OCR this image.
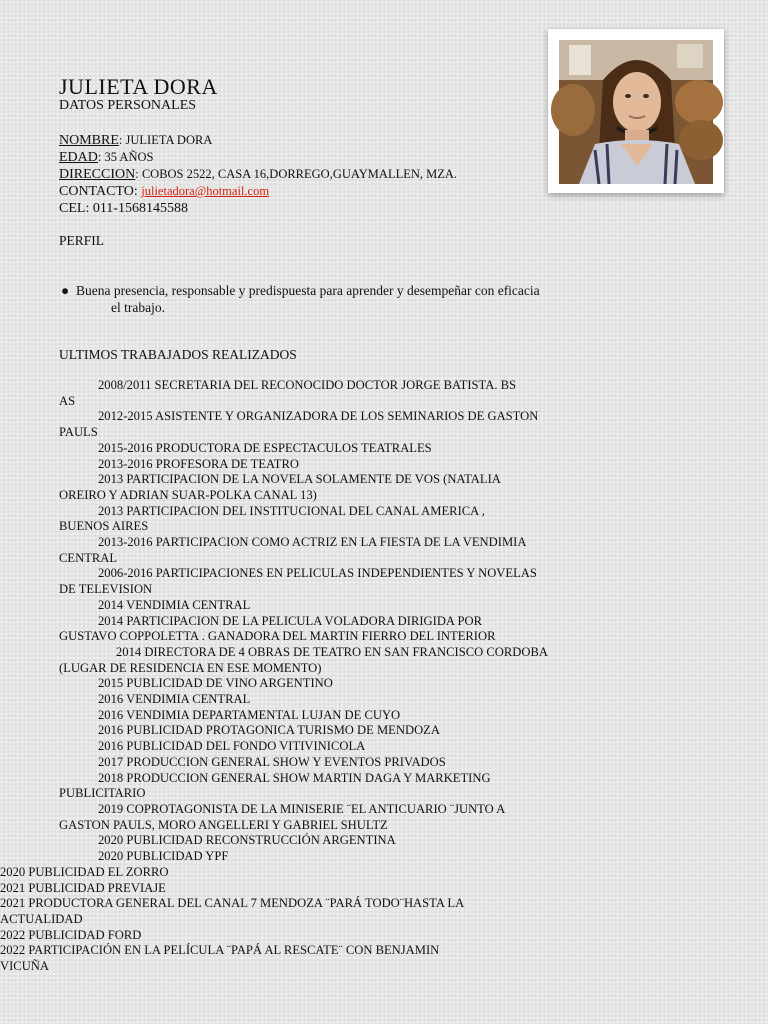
JULIETA DORA
DATOS PERSONALES
NOMBRE: JULIETA DORA
EDAD: 35 AÑOS
DIRECCION: COBOS 2522, CASA 16,DORREGO,GUAYMALLEN, MZA.
CONTACTO: julietadora@hotmail.com
CEL: 011-1568145588
PERFIL
● Buena presencia, responsable y predispuesta para aprender y desempeñar con eficacia
el trabajo.
ULTIMOS TRABAJADOS REALIZADOS
2008/2011 SECRETARIA DEL RECONOCIDO DOCTOR JORGE BATISTA. BS
AS
2012-2015 ASISTENTE Y ORGANIZADORA DE LOS SEMINARIOS DE GASTON
PAULS
2015-2016 PRODUCTORA DE ESPECTACULOS TEATRALES
2013-2016 PROFESORA DE TEATRO
2013 PARTICIPACION DE LA NOVELA SOLAMENTE DE VOS (NATALIA
OREIRO Y ADRIAN SUAR-POLKA CANAL 13)
2013 PARTICIPACION DEL INSTITUCIONAL DEL CANAL AMERICA ,
BUENOS AIRES
2013-2016 PARTICIPACION COMO ACTRIZ EN LA FIESTA DE LA VENDIMIA
CENTRAL
2006-2016 PARTICIPACIONES EN PELICULAS INDEPENDIENTES Y NOVELAS
DE TELEVISION
2014 VENDIMIA CENTRAL
2014 PARTICIPACION DE LA PELICULA VOLADORA DIRIGIDA POR
GUSTAVO COPPOLETTA . GANADORA DEL MARTIN FIERRO DEL INTERIOR
2014 DIRECTORA DE 4 OBRAS DE TEATRO EN SAN FRANCISCO CORDOBA
(LUGAR DE RESIDENCIA EN ESE MOMENTO)
2015 PUBLICIDAD DE VINO ARGENTINO
2016 VENDIMIA CENTRAL
2016 VENDIMIA DEPARTAMENTAL LUJAN DE CUYO
2016 PUBLICIDAD PROTAGONICA TURISMO DE MENDOZA
2016 PUBLICIDAD DEL FONDO VITIVINICOLA
2017 PRODUCCION GENERAL SHOW Y EVENTOS PRIVADOS
2018 PRODUCCION GENERAL SHOW MARTIN DAGA Y MARKETING
PUBLICITARIO
2019 COPROTAGONISTA DE LA MINISERIE ¨EL ANTICUARIO ¨JUNTO A
GASTON PAULS, MORO ANGELLERI Y GABRIEL SHULTZ
2020 PUBLICIDAD RECONSTRUCCIÓN ARGENTINA
2020 PUBLICIDAD YPF
2020 PUBLICIDAD EL ZORRO
2021 PUBLICIDAD PREVIAJE
2021 PRODUCTORA GENERAL DEL CANAL 7 MENDOZA ¨PARÁ TODO¨HASTA LA
ACTUALIDAD
2022 PUBLICIDAD FORD
2022 PARTICIPACIÓN EN LA PELÍCULA ¨PAPÁ AL RESCATE¨ CON BENJAMIN
VICUÑA
